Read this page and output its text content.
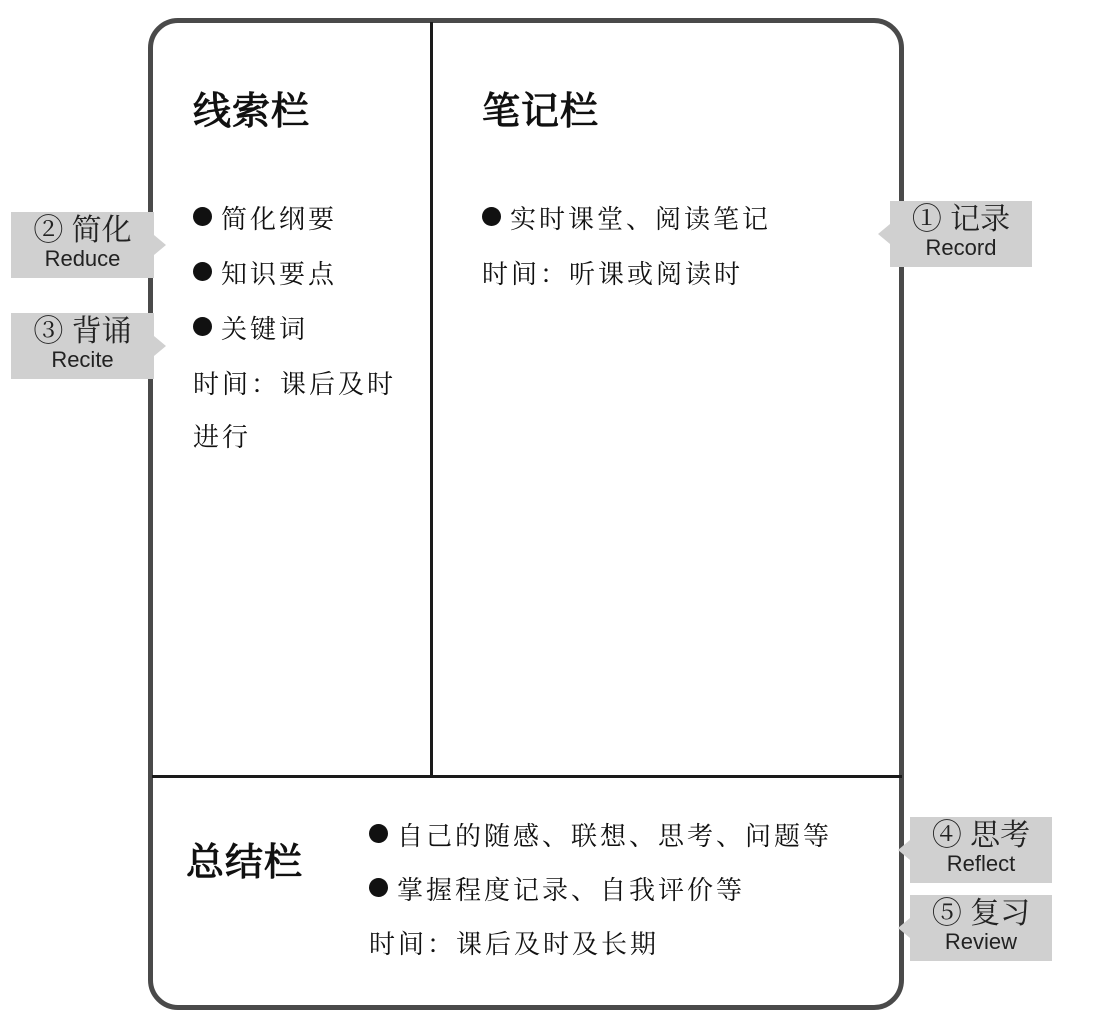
线索栏
简化纲要
知识要点
关键词
时间：课后及时
进行
笔记栏
实时课堂、阅读笔记
时间：听课或阅读时
总结栏
自己的随感、联想、思考、问题等
掌握程度记录、自我评价等
时间：课后及时及长期
② 简化
Reduce
③ 背诵
Recite
① 记录
Record
④ 思考
Reflect
⑤ 复习
Review
